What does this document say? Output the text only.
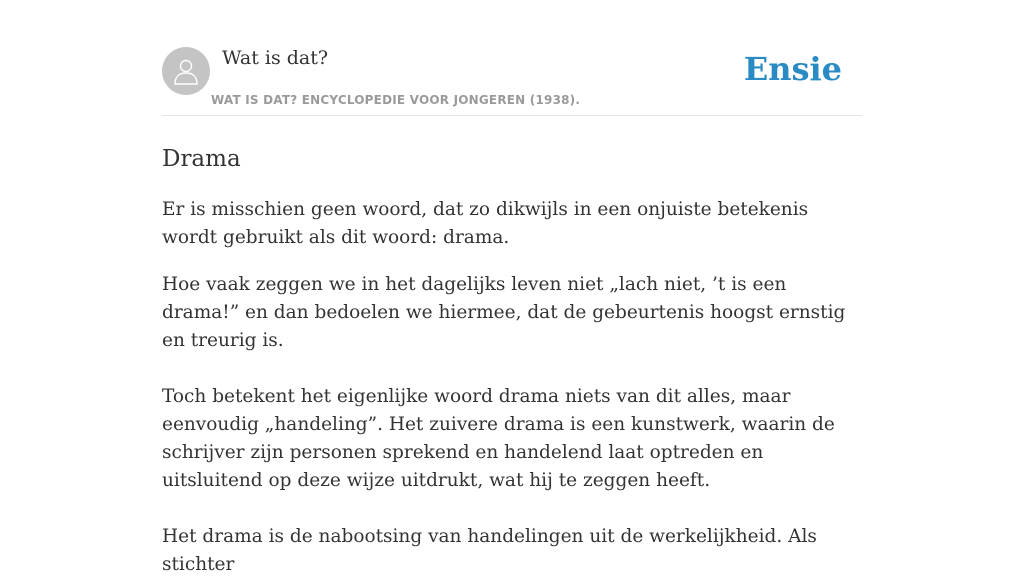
Wat is dat?

WAT IS DAT? ENCYCLOPEDIE VOOR JONGEREN (1938).

Ensie
Drama

Er is misschien geen woord, dat zo dikwijls in een onjuiste betekenis wordt gebruikt als dit woord: drama.

Hoe vaak zeggen we in het dagelijks leven niet „lach niet, ’t is een drama!” en dan bedoelen we hiermee, dat de gebeurtenis hoogst ernstig en treurig is.

Toch betekent het eigenlijke woord drama niets van dit alles, maar eenvoudig „handeling”. Het zuivere drama is een kunstwerk, waarin de schrijver zijn personen sprekend en handelend laat optreden en uitsluitend op deze wijze uitdrukt, wat hij te zeggen heeft.

Het drama is de nabootsing van handelingen uit de werkelijkheid. Als stichter
